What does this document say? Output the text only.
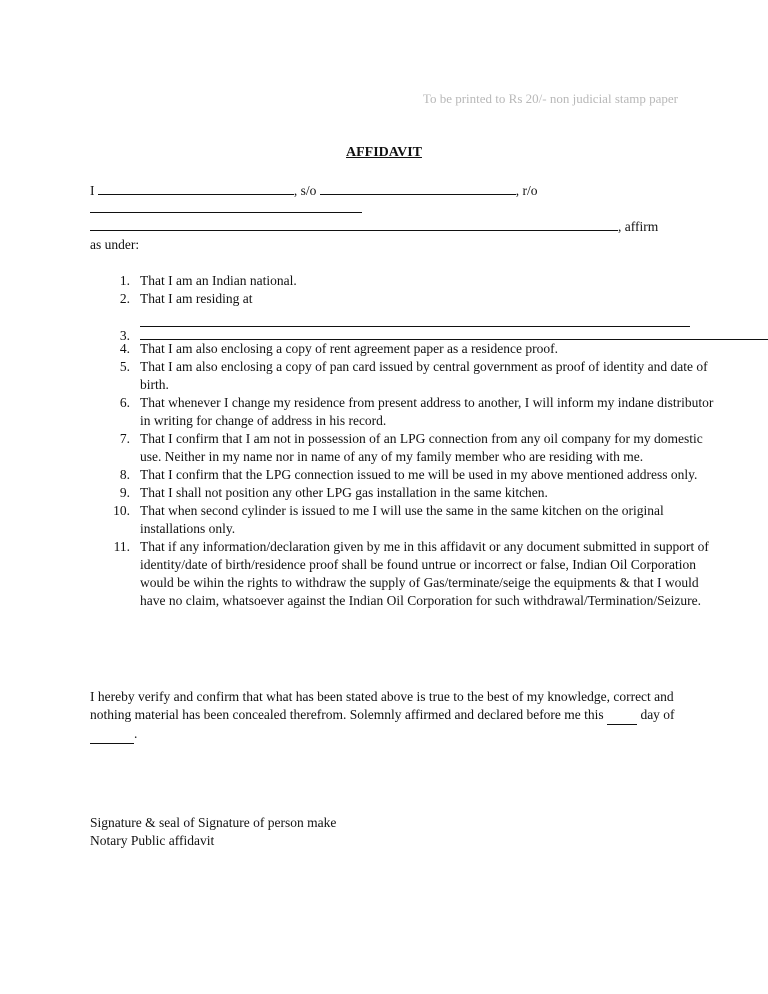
To be printed to Rs 20/- non judicial stamp paper
AFFIDAVIT
I	, s/o	, r/o
, affirm
as under:
1. That I am an Indian national.
2. That I am residing at
3.
4. That I am also enclosing a copy of rent agreement paper as a residence proof.
5. That I am also enclosing a copy of pan card issued by central government as proof of identity and date of birth.
6. That whenever I change my residence from present address to another, I will inform my indane distributor in writing for change of address in his record.
7. That I confirm that I am not in possession of an LPG connection from any oil company for my domestic use. Neither in my name nor in name of any of my family member who are residing with me.
8. That I confirm that the LPG connection issued to me will be used in my above mentioned address only.
9. That I shall not position any other LPG gas installation in the same kitchen.
10. That when second cylinder is issued to me I will use the same in the same kitchen on the original installations only.
11. That if any information/declaration given by me in this affidavit or any document submitted in support of identity/date of birth/residence proof shall be found untrue or incorrect or false, Indian Oil Corporation would be wihin the rights to withdraw the supply of Gas/terminate/seige the equipments & that I would have no claim, whatsoever against the Indian Oil Corporation for such withdrawal/Termination/Seizure.
I hereby verify and confirm that what has been stated above is true to the best of my knowledge, correct and nothing material has been concealed therefrom. Solemnly affirmed and declared before me this	day of  .
Signature & seal of Signature of person make
Notary Public affidavit
